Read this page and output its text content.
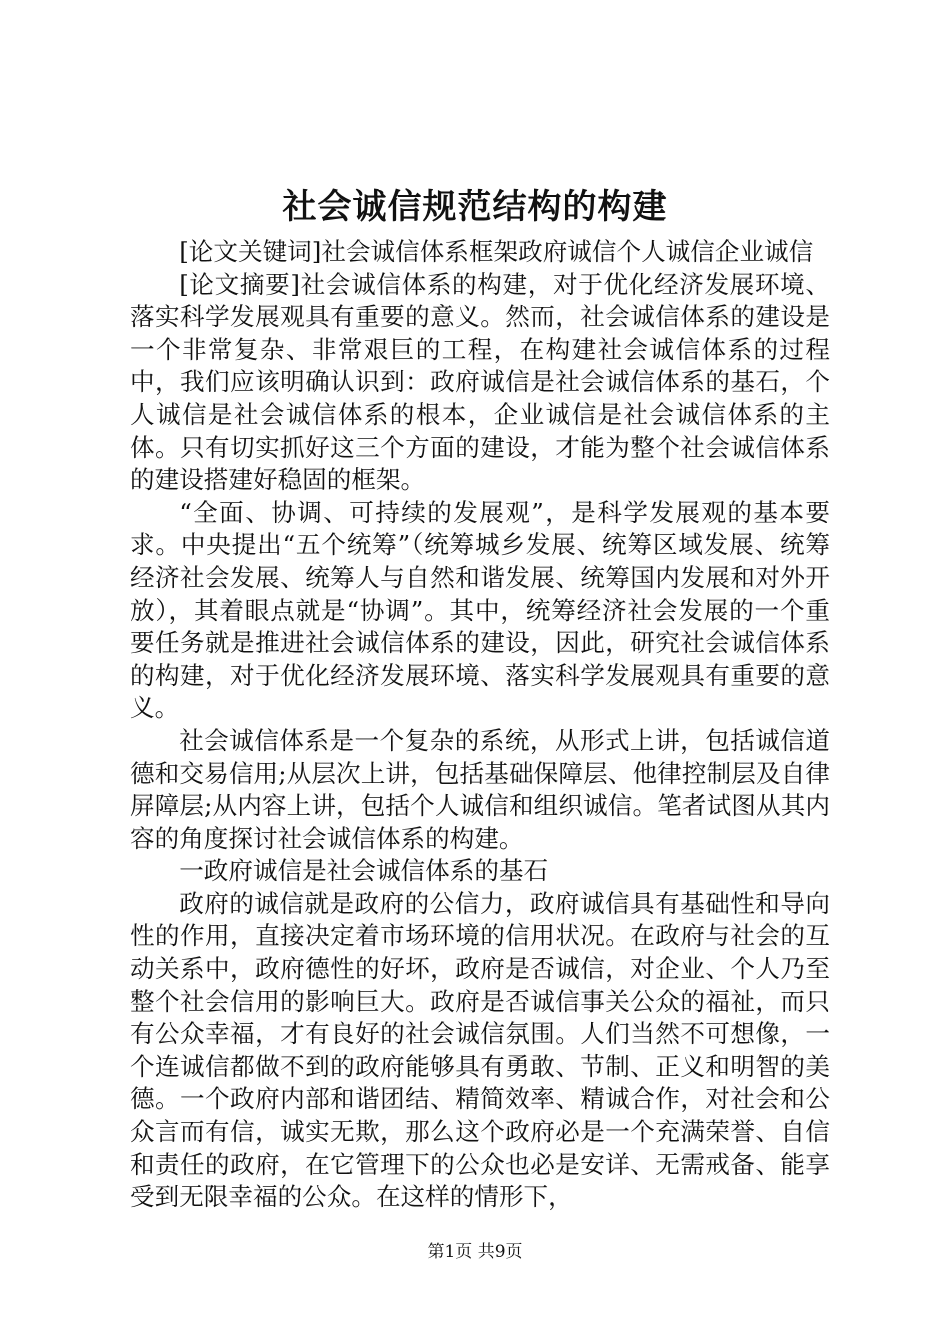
社会诚信规范结构的构建

[论文关键词]社会诚信体系框架政府诚信个人诚信企业诚信

[论文摘要]社会诚信体系的构建，对于优化经济发展环境、落实科学发展观具有重要的意义。然而，社会诚信体系的建设是一个非常复杂、非常艰巨的工程，在构建社会诚信体系的过程中，我们应该明确认识到：政府诚信是社会诚信体系的基石，个人诚信是社会诚信体系的根本，企业诚信是社会诚信体系的主体。只有切实抓好这三个方面的建设，才能为整个社会诚信体系的建设搭建好稳固的框架。

“全面、协调、可持续的发展观”，是科学发展观的基本要求。中央提出“五个统筹”（统筹城乡发展、统筹区域发展、统筹经济社会发展、统筹人与自然和谐发展、统筹国内发展和对外开放），其着眼点就是“协调”。其中，统筹经济社会发展的一个重要任务就是推进社会诚信体系的建设，因此，研究社会诚信体系的构建，对于优化经济发展环境、落实科学发展观具有重要的意义。

社会诚信体系是一个复杂的系统，从形式上讲，包括诚信道德和交易信用;从层次上讲，包括基础保障层、他律控制层及自律屏障层;从内容上讲，包括个人诚信和组织诚信。笔者试图从其内容的角度探讨社会诚信体系的构建。

一政府诚信是社会诚信体系的基石

政府的诚信就是政府的公信力，政府诚信具有基础性和导向性的作用，直接决定着市场环境的信用状况。在政府与社会的互动关系中，政府德性的好坏，政府是否诚信，对企业、个人乃至整个社会信用的影响巨大。政府是否诚信事关公众的福祉，而只有公众幸福，才有良好的社会诚信氛围。人们当然不可想像，一个连诚信都做不到的政府能够具有勇敢、节制、正义和明智的美德。一个政府内部和谐团结、精简效率、精诚合作，对社会和公众言而有信，诚实无欺，那么这个政府必是一个充满荣誉、自信和责任的政府，在它管理下的公众也必是安详、无需戒备、能享受到无限幸福的公众。在这样的情形下，

第1页 共9页
